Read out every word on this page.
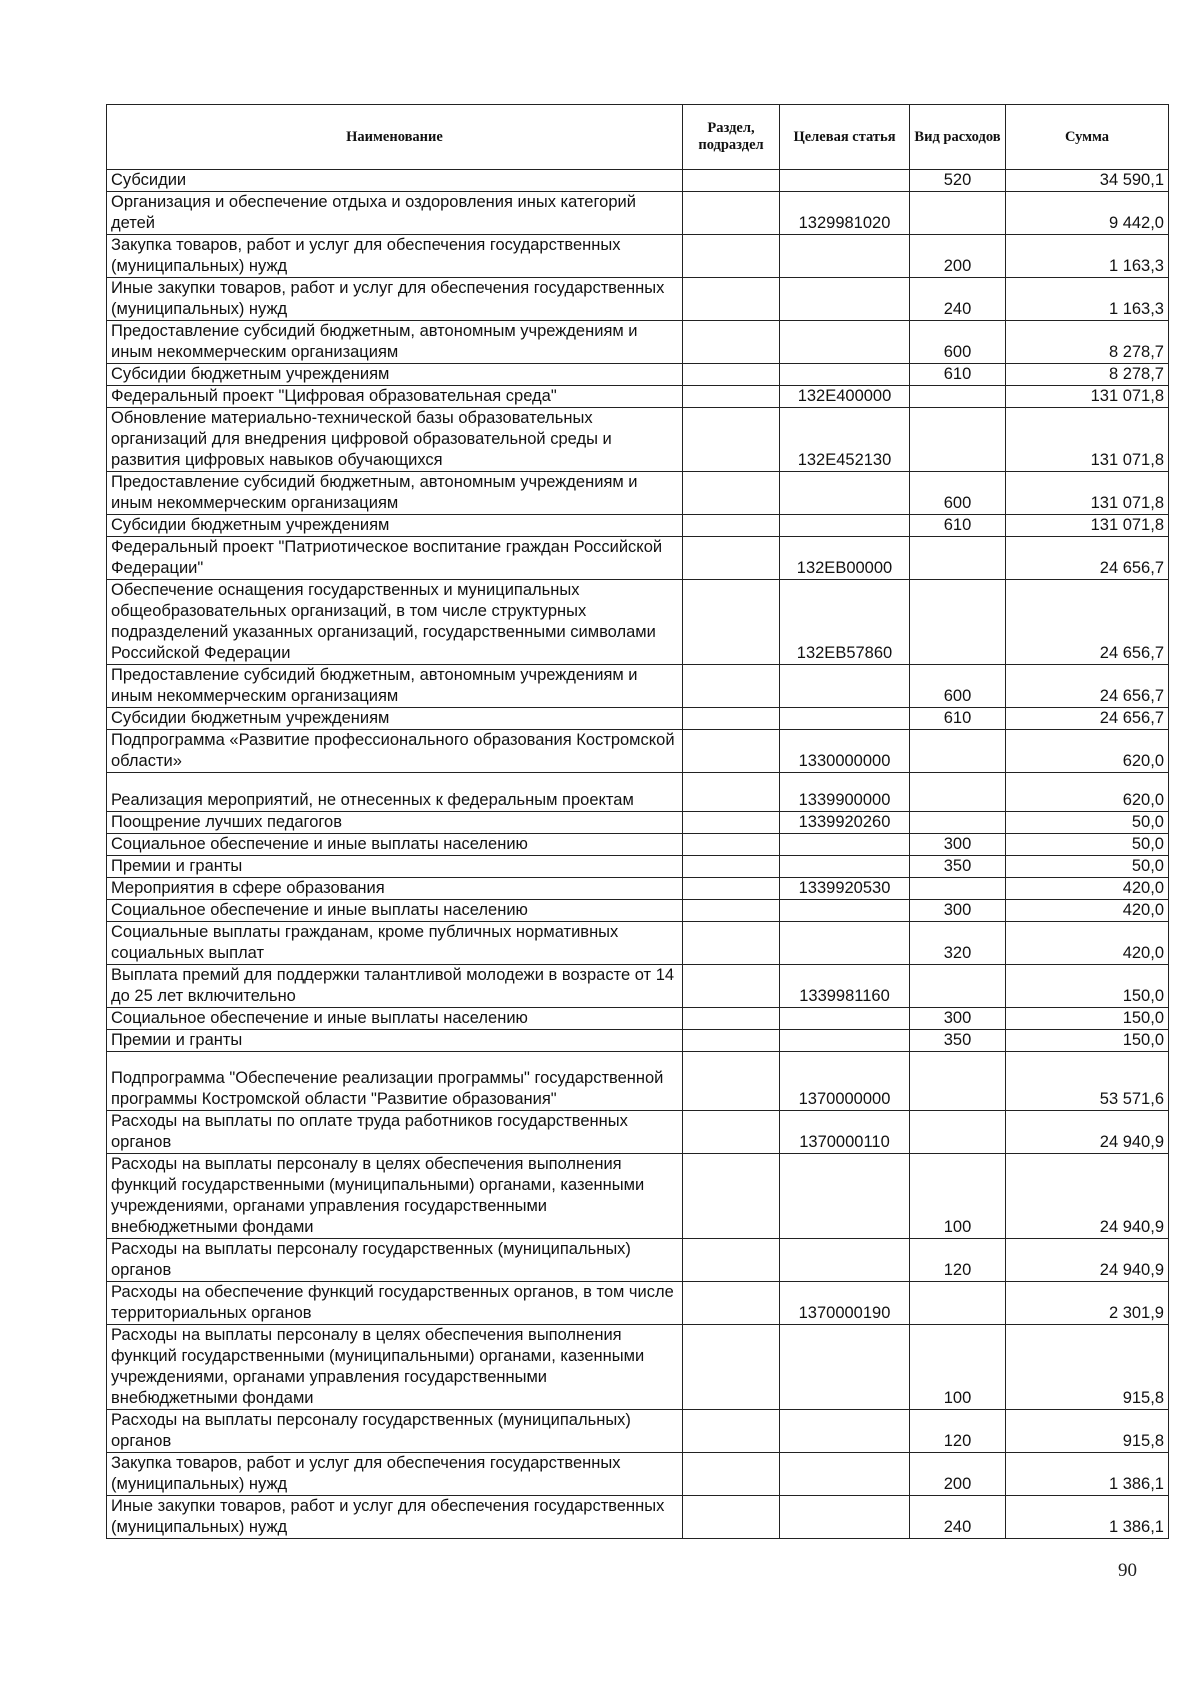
Наименование	Раздел, подраздел	Целевая статья	Вид расходов	Сумма
Субсидии			520	34 590,1
Организация и обеспечение отдыха и оздоровления иных категорий детей		1329981020		9 442,0
Закупка товаров, работ и услуг для обеспечения государственных (муниципальных) нужд			200	1 163,3
Иные закупки товаров, работ и услуг для обеспечения государственных (муниципальных) нужд			240	1 163,3
Предоставление субсидий бюджетным, автономным учреждениям и иным некоммерческим организациям			600	8 278,7
Субсидии бюджетным учреждениям			610	8 278,7
Федеральный проект "Цифровая образовательная среда"		132E400000		131 071,8
Обновление материально-технической базы образовательных организаций для внедрения цифровой образовательной среды и развития цифровых навыков обучающихся		132E452130		131 071,8
Предоставление субсидий бюджетным, автономным учреждениям и иным некоммерческим организациям			600	131 071,8
Субсидии бюджетным учреждениям			610	131 071,8
Федеральный проект "Патриотическое воспитание граждан Российской Федерации"		132EB00000		24 656,7
Обеспечение оснащения государственных и муниципальных общеобразовательных организаций, в том числе структурных подразделений указанных организаций, государственными символами Российской Федерации		132EB57860		24 656,7
Предоставление субсидий бюджетным, автономным учреждениям и иным некоммерческим организациям			600	24 656,7
Субсидии бюджетным учреждениям			610	24 656,7
Подпрограмма «Развитие профессионального образования Костромской области»		1330000000		620,0
Реализация мероприятий, не отнесенных к федеральным проектам		1339900000		620,0
Поощрение лучших педагогов		1339920260		50,0
Социальное обеспечение и иные выплаты населению			300	50,0
Премии и гранты			350	50,0
Мероприятия в сфере образования		1339920530		420,0
Социальное обеспечение и иные выплаты населению			300	420,0
Социальные выплаты гражданам, кроме публичных нормативных социальных выплат			320	420,0
Выплата премий для поддержки талантливой молодежи в возрасте от 14 до 25 лет включительно		1339981160		150,0
Социальное обеспечение и иные выплаты населению			300	150,0
Премии и гранты			350	150,0
Подпрограмма "Обеспечение реализации программы" государственной программы Костромской области "Развитие образования"		1370000000		53 571,6
Расходы на выплаты по оплате труда работников государственных органов		1370000110		24 940,9
Расходы на выплаты персоналу в целях обеспечения выполнения функций государственными (муниципальными) органами, казенными учреждениями, органами управления государственными внебюджетными фондами			100	24 940,9
Расходы на выплаты персоналу государственных (муниципальных) органов			120	24 940,9
Расходы на обеспечение функций государственных органов, в том числе территориальных органов		1370000190		2 301,9
Расходы на выплаты персоналу в целях обеспечения выполнения функций государственными (муниципальными) органами, казенными учреждениями, органами управления государственными внебюджетными фондами			100	915,8
Расходы на выплаты персоналу государственных (муниципальных) органов			120	915,8
Закупка товаров, работ и услуг для обеспечения государственных (муниципальных) нужд			200	1 386,1
Иные закупки товаров, работ и услуг для обеспечения государственных (муниципальных) нужд			240	1 386,1
90
